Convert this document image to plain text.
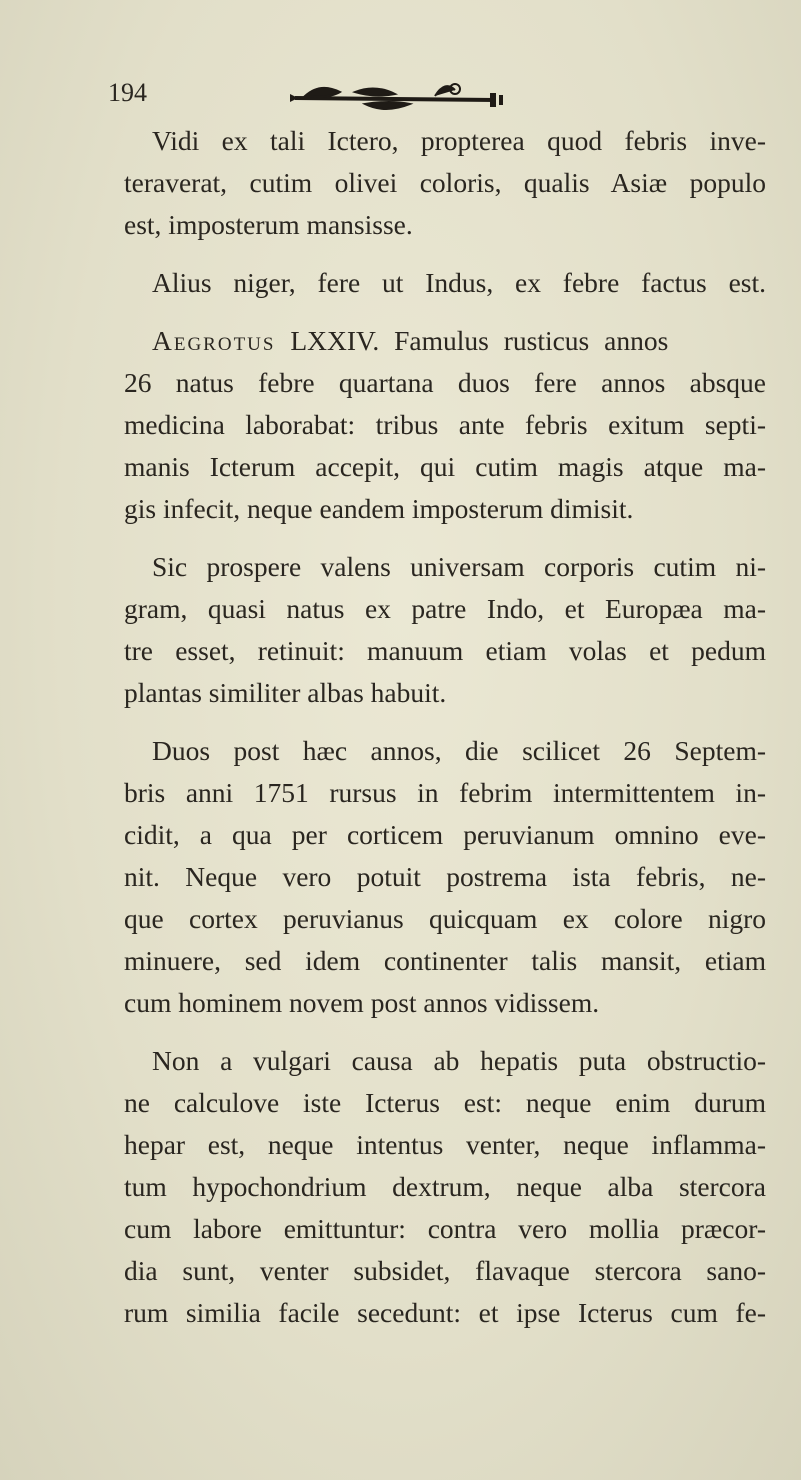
194
Vidi ex tali Ictero, propterea quod febris inve-
teraverat, cutim olivei coloris, qualis Asiæ populo
est, imposterum mansisse.
Alius niger, fere ut Indus, ex febre factus est.
Aegrotus LXXIV. Famulus rusticus annos
26 natus febre quartana duos fere annos absque
medicina laborabat: tribus ante febris exitum septi-
manis Icterum accepit, qui cutim magis atque ma-
gis infecit, neque eandem imposterum dimisit.
Sic prospere valens universam corporis cutim ni-
gram, quasi natus ex patre Indo, et Europæa ma-
tre esset, retinuit: manuum etiam volas et pedum
plantas similiter albas habuit.
Duos post hæc annos, die scilicet 26 Septem-
bris anni 1751 rursus in febrim intermittentem in-
cidit, a qua per corticem peruvianum omnino eve-
nit. Neque vero potuit postrema ista febris, ne-
que cortex peruvianus quicquam ex colore nigro
minuere, sed idem continenter talis mansit, etiam
cum hominem novem post annos vidissem.
Non a vulgari causa ab hepatis puta obstructio-
ne calculove iste Icterus est: neque enim durum
hepar est, neque intentus venter, neque inflamma-
tum hypochondrium dextrum, neque alba stercora
cum labore emittuntur: contra vero mollia præcor-
dia sunt, venter subsidet, flavaque stercora sano-
rum similia facile secedunt: et ipse Icterus cum fe-
